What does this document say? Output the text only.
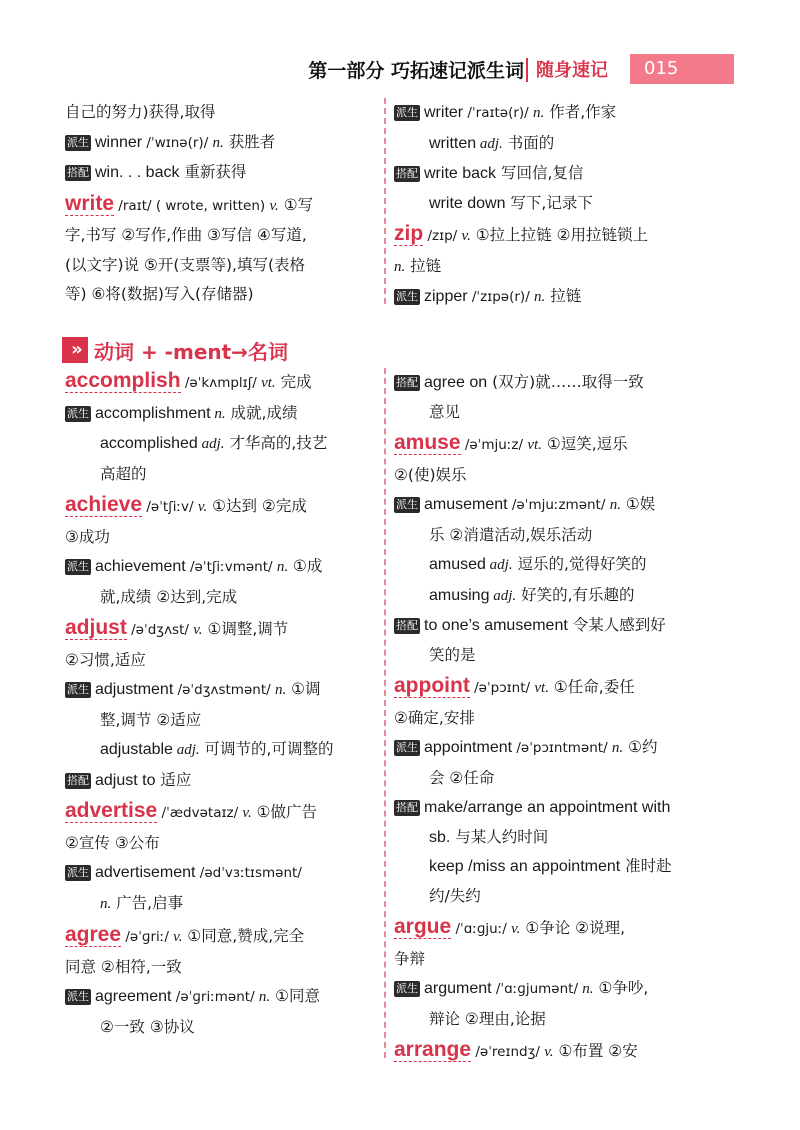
第一部分 巧拓速记派生词 随身速记	015
自己的努力)获得,取得
派生 winner /ˈwɪnə(r)/ n. 获胜者
搭配 win. . . back 重新获得
write /raɪt/ ( wrote, written) v. ①写
字,书写 ②写作,作曲 ③写信 ④写道,
(以文字)说 ⑤开(支票等),填写(表格
等) ⑥将(数据)写入(存储器)
派生 writer /ˈraɪtə(r)/ n. 作者,作家
written adj. 书面的
搭配 write back 写回信,复信
write down 写下,记录下
zip /zɪp/ v. ①拉上拉链 ②用拉链锁上
n. 拉链
派生 zipper /ˈzɪpə(r)/ n. 拉链
» 动词 + -ment→名词
accomplish /əˈkʌmplɪʃ/ vt. 完成
派生 accomplishment n. 成就,成绩
accomplished adj. 才华高的,技艺
高超的
achieve /əˈtʃiːv/ v. ①达到 ②完成
③成功
派生 achievement /əˈtʃiːvmənt/ n. ①成
就,成绩 ②达到,完成
adjust /əˈdʒʌst/ v. ①调整,调节
②习惯,适应
派生 adjustment /əˈdʒʌstmənt/ n. ①调
整,调节 ②适应
adjustable adj. 可调节的,可调整的
搭配 adjust to 适应
advertise /ˈædvətaɪz/ v. ①做广告
②宣传 ③公布
派生 advertisement /ədˈvɜːtɪsmənt/
n. 广告,启事
agree /əˈɡriː/ v. ①同意,赞成,完全
同意 ②相符,一致
派生 agreement /əˈɡriːmənt/ n. ①同意
②一致 ③协议
搭配 agree on (双方)就……取得一致
意见
amuse /əˈmjuːz/ vt. ①逗笑,逗乐
②(使)娱乐
派生 amusement /əˈmjuːzmənt/ n. ①娱
乐 ②消遣活动,娱乐活动
amused adj. 逗乐的,觉得好笑的
amusing adj. 好笑的,有乐趣的
搭配 to one’s amusement 令某人感到好
笑的是
appoint /əˈpɔɪnt/ vt. ①任命,委任
②确定,安排
派生 appointment /əˈpɔɪntmənt/ n. ①约
会 ②任命
搭配 make/arrange an appointment with
sb. 与某人约时间
keep /miss an appointment 准时赴
约/失约
argue /ˈɑːɡjuː/ v. ①争论 ②说理,
争辩
派生 argument /ˈɑːɡjumənt/ n. ①争吵,
辩论 ②理由,论据
arrange /əˈreɪndʒ/ v. ①布置 ②安
